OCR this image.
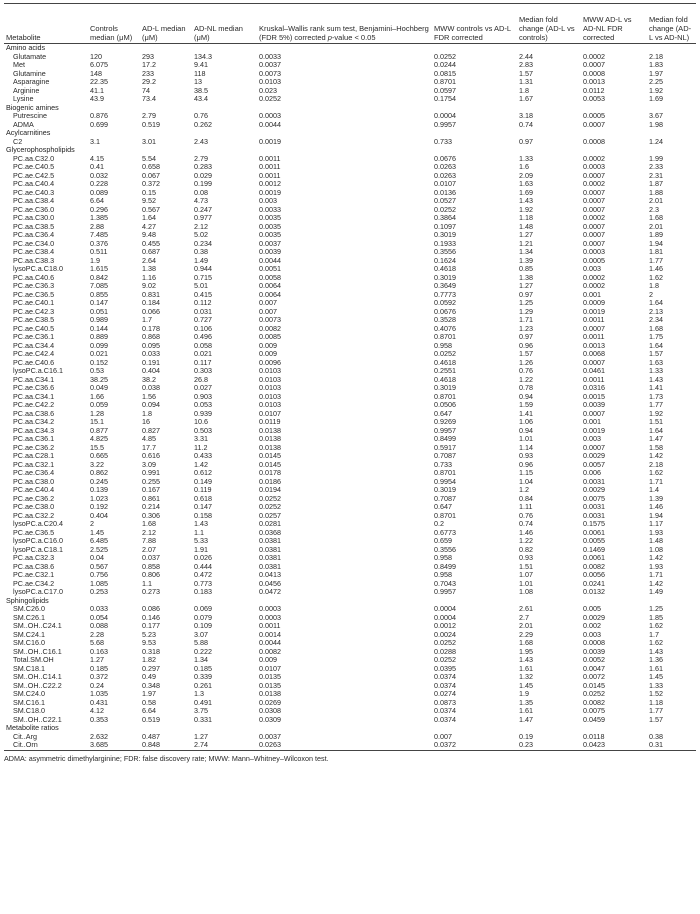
Metabolite	Controls median (μM)	AD-L median (μM)	AD-NL median (μM)	Kruskal–Wallis rank sum test, Benjamini–Hochberg (FDR 5%) corrected p-value < 0.05	MWW controls vs AD-L FDR corrected	Median fold change (AD-L vs controls)	MWW AD-L vs AD-NL FDR corrected	Median fold change (AD-L vs AD-NL)
Amino acids								
Glutamate	120	293	134.3	0.0033	0.0252	2.44	0.0002	2.18
Met	6.075	17.2	9.41	0.0037	0.0244	2.83	0.0007	1.83
Glutamine	148	233	118	0.0073	0.0815	1.57	0.0008	1.97
Asparagine	22.35	29.2	13	0.0103	0.8701	1.31	0.0013	2.25
Arginine	41.1	74	38.5	0.023	0.0597	1.8	0.0112	1.92
Lysine	43.9	73.4	43.4	0.0252	0.1754	1.67	0.0053	1.69
Biogenic amines								
Putrescine	0.876	2.79	0.76	0.0003	0.0004	3.18	0.0005	3.67
ADMA	0.699	0.519	0.262	0.0044	0.9957	0.74	0.0007	1.98
Acylcarnitines								
C2	3.1	3.01	2.43	0.0019	0.733	0.97	0.0008	1.24
Glycerophospholipids								
PC.aa.C32.0	4.15	5.54	2.79	0.0011	0.0676	1.33	0.0002	1.99
PC.ae.C40.5	0.41	0.658	0.283	0.0011	0.0263	1.6	0.0003	2.33
PC.ae.C42.5	0.032	0.067	0.029	0.0011	0.0263	2.09	0.0007	2.31
PC.aa.C40.4	0.228	0.372	0.199	0.0012	0.0107	1.63	0.0002	1.87
PC.ae.C40.3	0.089	0.15	0.08	0.0019	0.0136	1.69	0.0007	1.88
PC.aa.C38.4	6.64	9.52	4.73	0.003	0.0527	1.43	0.0007	2.01
PC.ae.C36.0	0.296	0.567	0.247	0.0033	0.0252	1.92	0.0007	2.3
PC.aa.C30.0	1.385	1.64	0.977	0.0035	0.3864	1.18	0.0002	1.68
PC.aa.C38.5	2.88	4.27	2.12	0.0035	0.1097	1.48	0.0007	2.01
PC.aa.C36.4	7.485	9.48	5.02	0.0035	0.3019	1.27	0.0007	1.89
PC.ae.C34.0	0.376	0.455	0.234	0.0037	0.1933	1.21	0.0007	1.94
PC.ae.C38.4	0.511	0.687	0.38	0.0039	0.3556	1.34	0.0003	1.81
PC.aa.C38.3	1.9	2.64	1.49	0.0044	0.1624	1.39	0.0005	1.77
lysoPC.a.C18.0	1.615	1.38	0.944	0.0051	0.4618	0.85	0.003	1.46
PC.aa.C40.6	0.842	1.16	0.715	0.0058	0.3019	1.38	0.0002	1.62
PC.ae.C36.3	7.085	9.02	5.01	0.0064	0.3649	1.27	0.0002	1.8
PC.ae.C36.5	0.855	0.831	0.415	0.0064	0.7773	0.97	0.001	2
PC.ae.C40.1	0.147	0.184	0.112	0.007	0.0592	1.25	0.0009	1.64
PC.ae.C42.3	0.051	0.066	0.031	0.007	0.0676	1.29	0.0019	2.13
PC.ae.C38.5	0.989	1.7	0.727	0.0073	0.3528	1.71	0.0011	2.34
PC.ae.C40.5	0.144	0.178	0.106	0.0082	0.4076	1.23	0.0007	1.68
PC.ae.C36.1	0.889	0.868	0.496	0.0085	0.8701	0.97	0.0011	1.75
PC.aa.C34.4	0.099	0.095	0.058	0.009	0.958	0.96	0.0013	1.64
PC.ae.C42.4	0.021	0.033	0.021	0.009	0.0252	1.57	0.0068	1.57
PC.ae.C40.6	0.152	0.191	0.117	0.0096	0.4618	1.26	0.0007	1.63
lysoPC.a.C16.1	0.53	0.404	0.303	0.0103	0.2551	0.76	0.0461	1.33
PC.aa.C34.1	38.25	38.2	26.8	0.0103	0.4618	1.22	0.0011	1.43
PC.ae.C36.6	0.049	0.038	0.027	0.0103	0.3019	0.78	0.0316	1.41
PC.aa.C34.1	1.66	1.56	0.903	0.0103	0.8701	0.94	0.0015	1.73
PC.ae.C42.2	0.059	0.094	0.053	0.0103	0.0506	1.59	0.0039	1.77
PC.aa.C38.6	1.28	1.8	0.939	0.0107	0.647	1.41	0.0007	1.92
PC.aa.C34.2	15.1	16	10.6	0.0119	0.9269	1.06	0.001	1.51
PC.aa.C34.3	0.877	0.827	0.503	0.0138	0.9957	0.94	0.0019	1.64
PC.aa.C36.1	4.825	4.85	3.31	0.0138	0.8499	1.01	0.003	1.47
PC.ae.C36.2	15.5	17.7	11.2	0.0138	0.5917	1.14	0.0007	1.58
PC.aa.C28.1	0.665	0.616	0.433	0.0145	0.7087	0.93	0.0029	1.42
PC.aa.C32.1	3.22	3.09	1.42	0.0145	0.733	0.96	0.0057	2.18
PC.ae.C36.4	0.862	0.991	0.612	0.0178	0.8701	1.15	0.006	1.62
PC.aa.C38.0	0.245	0.255	0.149	0.0186	0.9954	1.04	0.0031	1.71
PC.ae.C40.4	0.139	0.167	0.119	0.0194	0.3019	1.2	0.0029	1.4
PC.ae.C36.2	1.023	0.861	0.618	0.0252	0.7087	0.84	0.0075	1.39
PC.ae.C38.0	0.192	0.214	0.147	0.0252	0.647	1.11	0.0031	1.46
PC.aa.C32.2	0.404	0.306	0.158	0.0257	0.8701	0.76	0.0031	1.94
lysoPC.a.C20.4	2	1.68	1.43	0.0281	0.2	0.74	0.1575	1.17
PC.ae.C36.5	1.45	2.12	1.1	0.0368	0.6773	1.46	0.0061	1.93
lysoPC.a.C16.0	6.485	7.88	5.33	0.0381	0.659	1.22	0.0055	1.48
lysoPC.a.C18.1	2.525	2.07	1.91	0.0381	0.3556	0.82	0.1469	1.08
PC.aa.C32.3	0.04	0.037	0.026	0.0381	0.958	0.93	0.0061	1.42
PC.aa.C38.6	0.567	0.858	0.444	0.0381	0.8499	1.51	0.0082	1.93
PC.ae.C32.1	0.756	0.806	0.472	0.0413	0.958	1.07	0.0056	1.71
PC.ae.C34.2	1.085	1.1	0.773	0.0456	0.7043	1.01	0.0241	1.42
lysoPC.a.C17.0	0.253	0.273	0.183	0.0472	0.9957	1.08	0.0132	1.49
Sphingolipids								
SM.C26.0	0.033	0.086	0.069	0.0003	0.0004	2.61	0.005	1.25
SM.C26.1	0.054	0.146	0.079	0.0003	0.0004	2.7	0.0029	1.85
SM..OH..C24.1	0.088	0.177	0.109	0.0011	0.0012	2.01	0.002	1.62
SM.C24.1	2.28	5.23	3.07	0.0014	0.0024	2.29	0.003	1.7
SM.C16.0	5.68	9.53	5.88	0.0044	0.0252	1.68	0.0008	1.62
SM..OH..C16.1	0.163	0.318	0.222	0.0082	0.0288	1.95	0.0039	1.43
Total.SM.OH	1.27	1.82	1.34	0.009	0.0252	1.43	0.0052	1.36
SM.C18.1	0.185	0.297	0.185	0.0107	0.0395	1.61	0.0047	1.61
SM..OH..C14.1	0.372	0.49	0.339	0.0135	0.0374	1.32	0.0072	1.45
SM..OH..C22.2	0.24	0.348	0.261	0.0135	0.0374	1.45	0.0145	1.33
SM.C24.0	1.035	1.97	1.3	0.0138	0.0274	1.9	0.0252	1.52
SM.C16.1	0.431	0.58	0.491	0.0269	0.0873	1.35	0.0082	1.18
SM.C18.0	4.12	6.64	3.75	0.0308	0.0374	1.61	0.0075	1.77
SM..OH..C22.1	0.353	0.519	0.331	0.0309	0.0374	1.47	0.0459	1.57
Metabolite ratios								
Cit..Arg	2.632	0.487	1.27	0.0037	0.007	0.19	0.0118	0.38
Cit..Orn	3.685	0.848	2.74	0.0263	0.0372	0.23	0.0423	0.31
ADMA: asymmetric dimethylarginine; FDR: false discovery rate; MWW: Mann–Whitney–Wilcoxon test.
